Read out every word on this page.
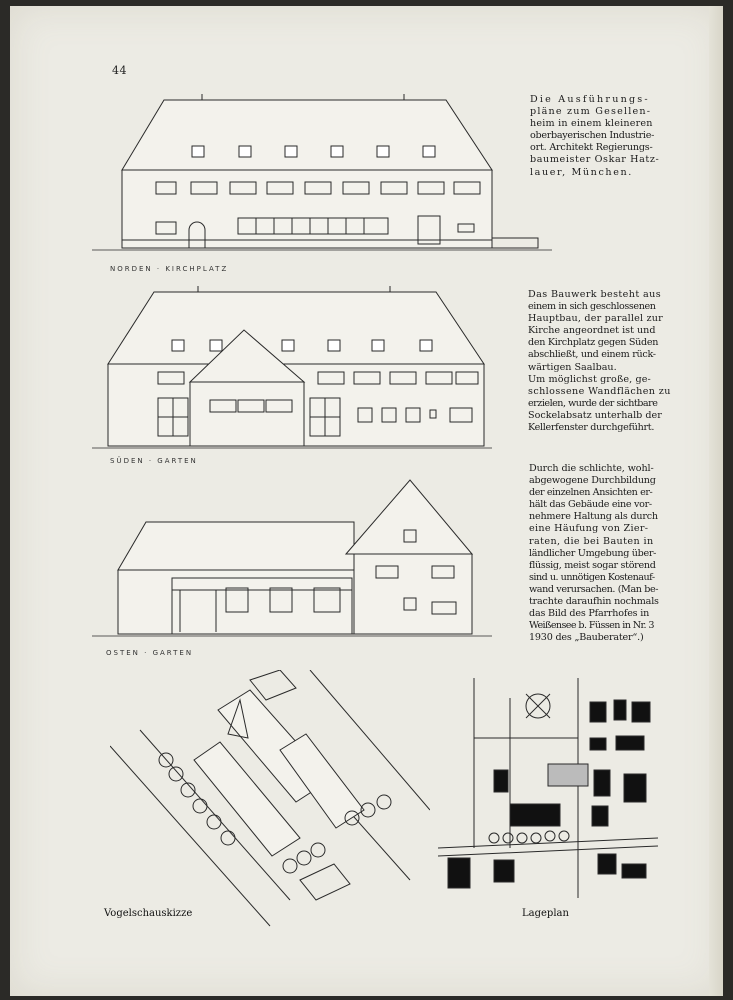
44
Die Ausführungs-
pläne zum Gesellen-
heim in einem kleineren
oberbayerischen Industrie-
ort. Architekt Regierungs-
baumeister Oskar Hatz-
lauer, München.
Das Bauwerk besteht aus
einem in sich geschlossenen
Hauptbau, der parallel zur
Kirche angeordnet ist und
den Kirchplatz gegen Süden
abschließt, und einem rück-
wärtigen Saalbau.
Um möglichst große, ge-
schlossene Wandflächen zu
erzielen, wurde der sichtbare
Sockelabsatz unterhalb der
Kellerfenster durchgeführt.
Durch die schlichte, wohl-
abgewogene Durchbildung
der einzelnen Ansichten er-
hält das Gebäude eine vor-
nehmere Haltung als durch
eine Häufung von Zier-
raten, die bei Bauten in
ländlicher Umgebung über-
flüssig, meist sogar störend
sind u. unnötigen Kostenauf-
wand verursachen. (Man be-
trachte daraufhin nochmals
das Bild des Pfarrhofes in
Weißensee b. Füssen in Nr. 3
1930 des „Bauberater“.)
NORDEN · KIRCHPLATZ
SÜDEN · GARTEN
OSTEN · GARTEN
Vogelschauskizze	Lageplan
